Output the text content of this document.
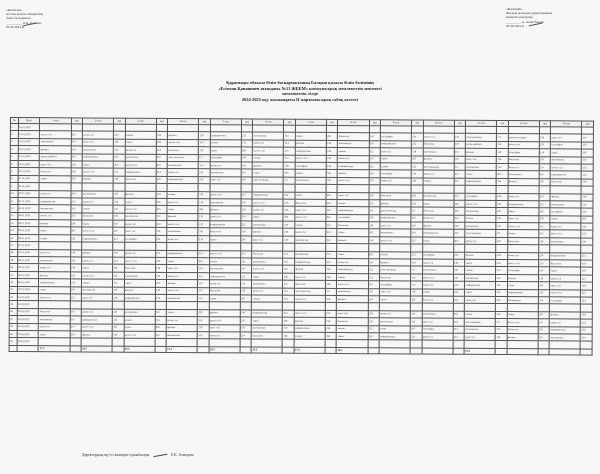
«Келісілді»
Астана қаласы әкімдігінің
білім басқармасы
__________ Б.К. Қалиева
02.09.2024 ж.
«Бекітемін»
Жоғары колледжі директорының
міндетін атқарушы
_________ А. Ахметбекова
02.09.2024 ж.
Қарағанды облысы білім басқармасының Балқаш қаласы білім бөлімінің
«Есімхан Қанапияев атындағы №13 ЖББМ» коммуналдық мемлекеттік мекемесі
мемлекеттік тілде
2024-2025 оқу жылындағы II жартыжылдық сабақ кестесі
№	Күні	1-топ	ауд	2-топ	ауд	3-топ	ауд	4-топ	ауд	5-топ	ауд	6-топ	ауд	7-топ	ауд	8-топ	ауд	9-топ	ауд	10-топ	ауд	11-топ	ауд	12-топ	ауд	13-топ	ауд
1	14.01.2025																										
2	14.01.2025	шетел тілі	215	қазақ тілі	214	химия	312	физика	118	информатика	212	математика	310	тарих	205	биология	118	география	214	шетел тілі	215	дене шыныққ.	СЗ	құқық негіздері	214	орыс тілі	310
3	14.01.2025	математика	310	орыс тілі	118	тарих	205	шетел тілі	215	химия	312	қазақ тілі	214	физика	118	математика	310	информатика	212	биология	118	қазақ әдебиеті	214	шетел тілі	215	география	205
4	15.01.2025	физика	118	математика	310	қазақ тілі	214	биология	118	тарих	205	шетел тілі	215	информатика	212	химия	312	орыс тілі	118	математика	310	физика	118	география	214	тарих	205
5	15.01.2025	қазақ әдебиеті	214	информатика	212	математика	310	дене шыныққ.	СЗ	география	214	химия	312	шетел тілі	215	қазақ тілі	214	тарих	205	физика	118	орыс тілі	118	биология	118	математика	310
6	16.01.2025	орыс тілі	118	тарих	205	шетел тілі	215	математика	310	қазақ тілі	214	физика	118	география	214	информатика	212	химия	312	дене шыныққ.	СЗ	математика	310	қазақ тілі	214	шетел тілі	215
7	16.01.2025	биология	118	шетел тілі	215	информатика	212	қазақ тілі	214	математика	310	тарих	205	химия	312	физика	118	география	214	қазақ тілі	214	тарих	205	математика	310	информатика	212
8	17.01.2025	тарих	205	физика	118	биология	118	информатика	212	орыс тілі	118	дене шыныққ.	СЗ	математика	310	шетел тілі	215	қазақ тілі	214	химия	312	информатика	212	физика	118	биология	118
9	20.01.2025																										
10	20.01.2025	қазақ тілі	214	математика	310	физика	118	химия	312	шетел тілі	215	информатика	212	тарих	205	орыс тілі	118	биология	118	математика	310	география	214	қазақ тілі	214	физика	118
11	21.01.2025	информатика	212	қазақ тілі	214	тарих	205	орыс тілі	118	математика	310	шетел тілі	215	биология	118	химия	312	физика	118	тарих	205	шетел тілі	215	информатика	212	математика	310
12	21.01.2025	математика	310	химия	312	шетел тілі	215	тарих	205	физика	118	қазақ тілі	214	орыс тілі	118	информатика	212	дене шыныққ.	СЗ	биология	118	математика	310	тарих	205	география	214
13	22.01.2025	шетел тілі	215	биология	118	математика	310	физика	118	қазақ тілі	214	тарих	205	шетел тілі	215	география	214	информатика	212	қазақ тілі	214	химия	312	орыс тілі	118	тарих	205
14	22.01.2025	физика	118	тарих	205	қазақ тілі	214	шетел тілі	215	информатика	212	математика	310	химия	312	биология	118	орыс тілі	118	физика	118	математика	310	шетел тілі	215	қазақ тілі	214
15	23.01.2025	тарих	205	шетел тілі	215	орыс тілі	118	математика	310	биология	118	физика	118	қазақ тілі	214	тарих	205	математика	310	информатика	212	дене шыныққ.	СЗ	химия	312	шетел тілі	215
16	24.01.2025	химия	312	информатика	212	география	214	қазақ тілі	214	тарих	205	орыс тілі	118	математика	310	физика	118	шетел тілі	215	тарих	205	қазақ тілі	214	биология	118	математика	310
17	27.01.2025																										
18	27.01.2025	орыс тілі	118	физика	118	қазақ тілі	214	информатика	212	шетел тілі	215	биология	118	математика	310	тарих	205	химия	312	география	214	физика	118	қазақ тілі	214	информатика	212
19	28.01.2025	математика	310	қазақ тілі	214	шетел тілі	215	тарих	205	химия	312	математика	310	информатика	212	қазақ тілі	214	физика	118	орыс тілі	118	тарих	205	шетел тілі	215	биология	118
20	28.01.2025	қазақ тілі	214	тарих	205	биология	118	орыс тілі	118	математика	310	шетел тілі	215	физика	118	информатика	212	дене шыныққ.	СЗ	математика	310	химия	312	география	214	тарих	205
21	29.01.2025	физика	118	шетел тілі	215	математика	310	қазақ тілі	214	информатика	212	тарих	205	орыс тілі	118	химия	312	биология	118	шетел тілі	215	математика	310	физика	118	қазақ тілі	214
22	29.01.2025	информатика	212	химия	312	тарих	205	физика	118	қазақ тілі	214	математика	310	биология	118	шетел тілі	215	география	214	қазақ тілі	214	информатика	212	тарих	205	орыс тілі	118
23	30.01.2025	тарих	205	математика	310	физика	118	шетел тілі	215	биология	118	қазақ тілі	214	дене шыныққ.	СЗ	математика	310	орыс тілі	118	химия	312	тарих	205	информатика	212	шетел тілі	215
24	31.01.2025	шетел тілі	215	орыс тілі	118	информатика	212	математика	310	тарих	205	химия	312	қазақ тілі	214	физика	118	тарих	205	биология	118	қазақ тілі	214	математика	310	география	214
25	03.02.2025																										
26	03.02.2025	биология	118	қазақ тілі	214	математика	310	тарих	205	физика	118	информатика	212	шетел тілі	215	орыс тілі	118	қазақ тілі	214	математика	310	химия	312	тарих	205	физика	118
27	04.02.2025	математика	310	информатика	212	химия	312	қазақ тілі	214	шетел тілі	215	тарих	205	физика	118	биология	118	математика	310	орыс тілі	118	дене шыныққ.	СЗ	шетел тілі	215	қазақ тілі	214
28	04.02.2025	қазақ тілі	214	шетел тілі	215	тарих	205	физика	118	орыс тілі	118	математика	310	информатика	212	химия	312	тарих	205	география	214	математика	310	биология	118	информатика	212
29	05.02.2025	тарих	205	физика	118	шетел тілі	215	математика	310	қазақ тілі	214	биология	118	химия	312	тарих	205	информатика	212	қазақ тілі	214	орыс тілі	118	физика	118	математика	310
30	06.02.2025																										
		17.5		20.5		19.5		17.5		18.5		19.5		17.5		18.5						16.5					
Директордың оқу-ісі жөніндегі орынбасары	Е.К. Ахмедова
